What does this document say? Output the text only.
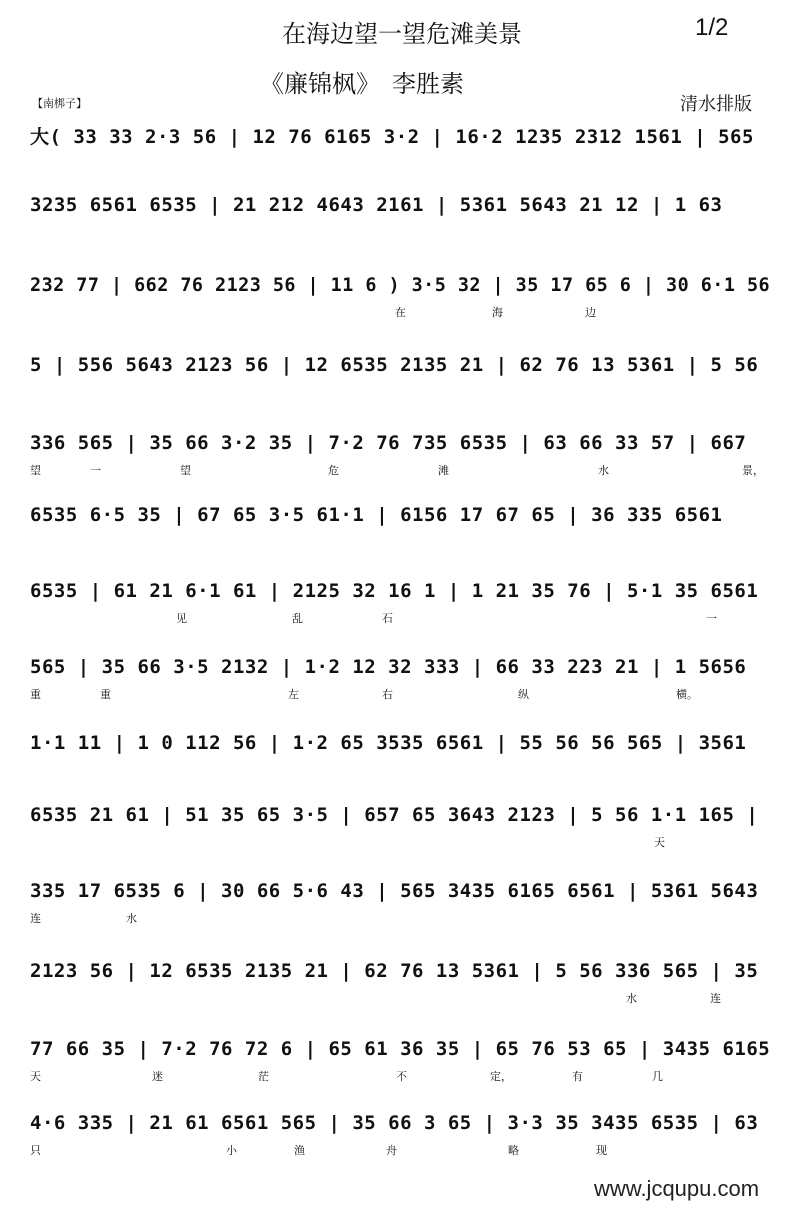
在海边望一望危滩美景	1/2
《廉锦枫》　李胜素
清水排版
【南梆子】
大( 33 33 2·3 56 | 12 76 6165 3·2 | 16·2 1235 2312 1561 | 565
3235 6561 6535 | 21 212 4643 2161 | 5361 5643 21 12 | 1 63
232 77 | 662 76 2123 56 | 11 6 ) 3·5 32 | 35 17 65 6 | 30 6·1 56
在	海	边
5 | 556 5643 2123 56 | 12 6535 2135 21 | 62 76 13 5361 | 5 56
336 565 | 35 66 3·2 35 | 7·2 76 735 6535 | 63 66 33 57 | 667
望	一	望	危	滩	水	景，
6535 6·5 35 | 67 65 3·5 61·1 | 6156 17 67 65 | 36 335 6561
6535 | 61 21 6·1 61 | 2125 32 16 1 | 1 21 35 76 | 5·1 35 6561
见	乱	石	一
565 | 35 66 3·5 2132 | 1·2 12 32 333 | 66 33 223 21 | 1 5656
重	重	左	右	纵	横。
1·1 11 | 1 0 112 56 | 1·2 65 3535 6561 | 55 56 56 565 | 3561
6535 21 61 | 51 35 65 3·5 | 657 65 3643 2123 | 5 56 1·1 165 |
天
335 17 6535 6 | 30 66 5·6 43 | 565 3435 6165 6561 | 5361 5643
连	水
2123 56 | 12 6535 2135 21 | 62 76 13 5361 | 5 56 336 565 | 35
水	连
77 66 35 | 7·2 76 72 6 | 65 61 36 35 | 65 76 53 65 | 3435 6165
天	迷	茫	不	定，	有	几
4·6 335 | 21 61 6561 565 | 35 66 3 65 | 3·3 35 3435 6535 | 63
只	小	渔	舟	略	现
www.jcqupu.com
